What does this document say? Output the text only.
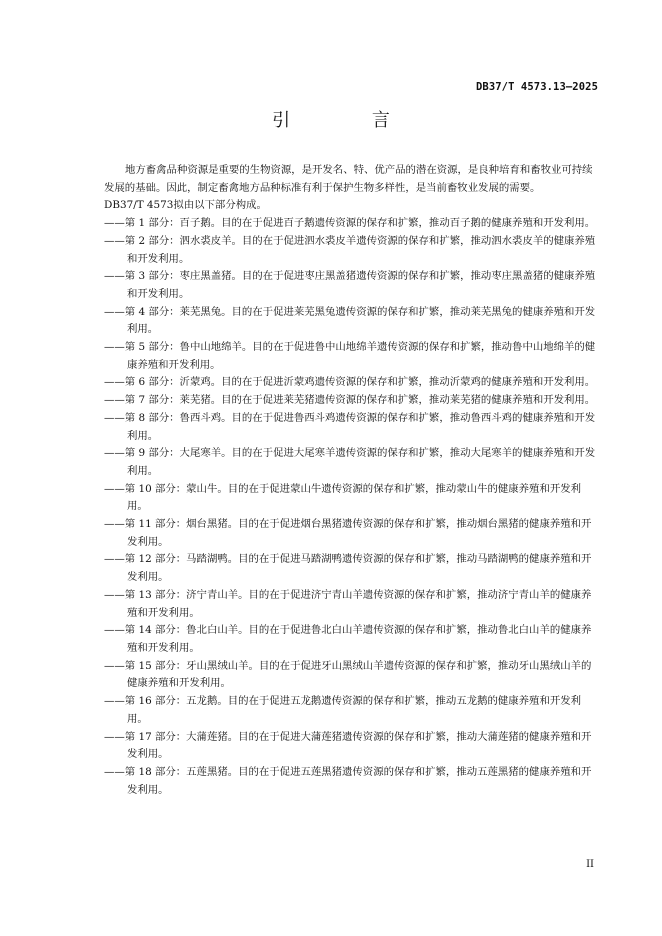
DB37/T 4573.13—2025
引 言

地方畜禽品种资源是重要的生物资源，是开发名、特、优产品的潜在资源，是良种培育和畜牧业可持续发展的基础。因此，制定畜禽地方品种标准有利于保护生物多样性，是当前畜牧业发展的需要。

DB37/T 4573拟由以下部分构成。

——第 1 部分：百子鹅。目的在于促进百子鹅遗传资源的保存和扩繁，推动百子鹅的健康养殖和开发利用。

——第 2 部分：泗水裘皮羊。目的在于促进泗水裘皮羊遗传资源的保存和扩繁，推动泗水裘皮羊的健康养殖和开发利用。

——第 3 部分：枣庄黑盖猪。目的在于促进枣庄黑盖猪遗传资源的保存和扩繁，推动枣庄黑盖猪的健康养殖和开发利用。

——第 4 部分：莱芜黑兔。目的在于促进莱芜黑兔遗传资源的保存和扩繁，推动莱芜黑兔的健康养殖和开发利用。

——第 5 部分：鲁中山地绵羊。目的在于促进鲁中山地绵羊遗传资源的保存和扩繁，推动鲁中山地绵羊的健康养殖和开发利用。

——第 6 部分：沂蒙鸡。目的在于促进沂蒙鸡遗传资源的保存和扩繁，推动沂蒙鸡的健康养殖和开发利用。

——第 7 部分：莱芜猪。目的在于促进莱芜猪遗传资源的保存和扩繁，推动莱芜猪的健康养殖和开发利用。

——第 8 部分：鲁西斗鸡。目的在于促进鲁西斗鸡遗传资源的保存和扩繁，推动鲁西斗鸡的健康养殖和开发利用。

——第 9 部分：大尾寒羊。目的在于促进大尾寒羊遗传资源的保存和扩繁，推动大尾寒羊的健康养殖和开发利用。

——第 10 部分：蒙山牛。目的在于促进蒙山牛遗传资源的保存和扩繁，推动蒙山牛的健康养殖和开发利用。

——第 11 部分：烟台黑猪。目的在于促进烟台黑猪遗传资源的保存和扩繁，推动烟台黑猪的健康养殖和开发利用。

——第 12 部分：马踏湖鸭。目的在于促进马踏湖鸭遗传资源的保存和扩繁，推动马踏湖鸭的健康养殖和开发利用。

——第 13 部分：济宁青山羊。目的在于促进济宁青山羊遗传资源的保存和扩繁，推动济宁青山羊的健康养殖和开发利用。

——第 14 部分：鲁北白山羊。目的在于促进鲁北白山羊遗传资源的保存和扩繁，推动鲁北白山羊的健康养殖和开发利用。

——第 15 部分：牙山黑绒山羊。目的在于促进牙山黑绒山羊遗传资源的保存和扩繁，推动牙山黑绒山羊的健康养殖和开发利用。

——第 16 部分：五龙鹅。目的在于促进五龙鹅遗传资源的保存和扩繁，推动五龙鹅的健康养殖和开发利用。

——第 17 部分：大蒲莲猪。目的在于促进大蒲莲猪遗传资源的保存和扩繁，推动大蒲莲猪的健康养殖和开发利用。

——第 18 部分：五莲黑猪。目的在于促进五莲黑猪遗传资源的保存和扩繁，推动五莲黑猪的健康养殖和开发利用。

II
